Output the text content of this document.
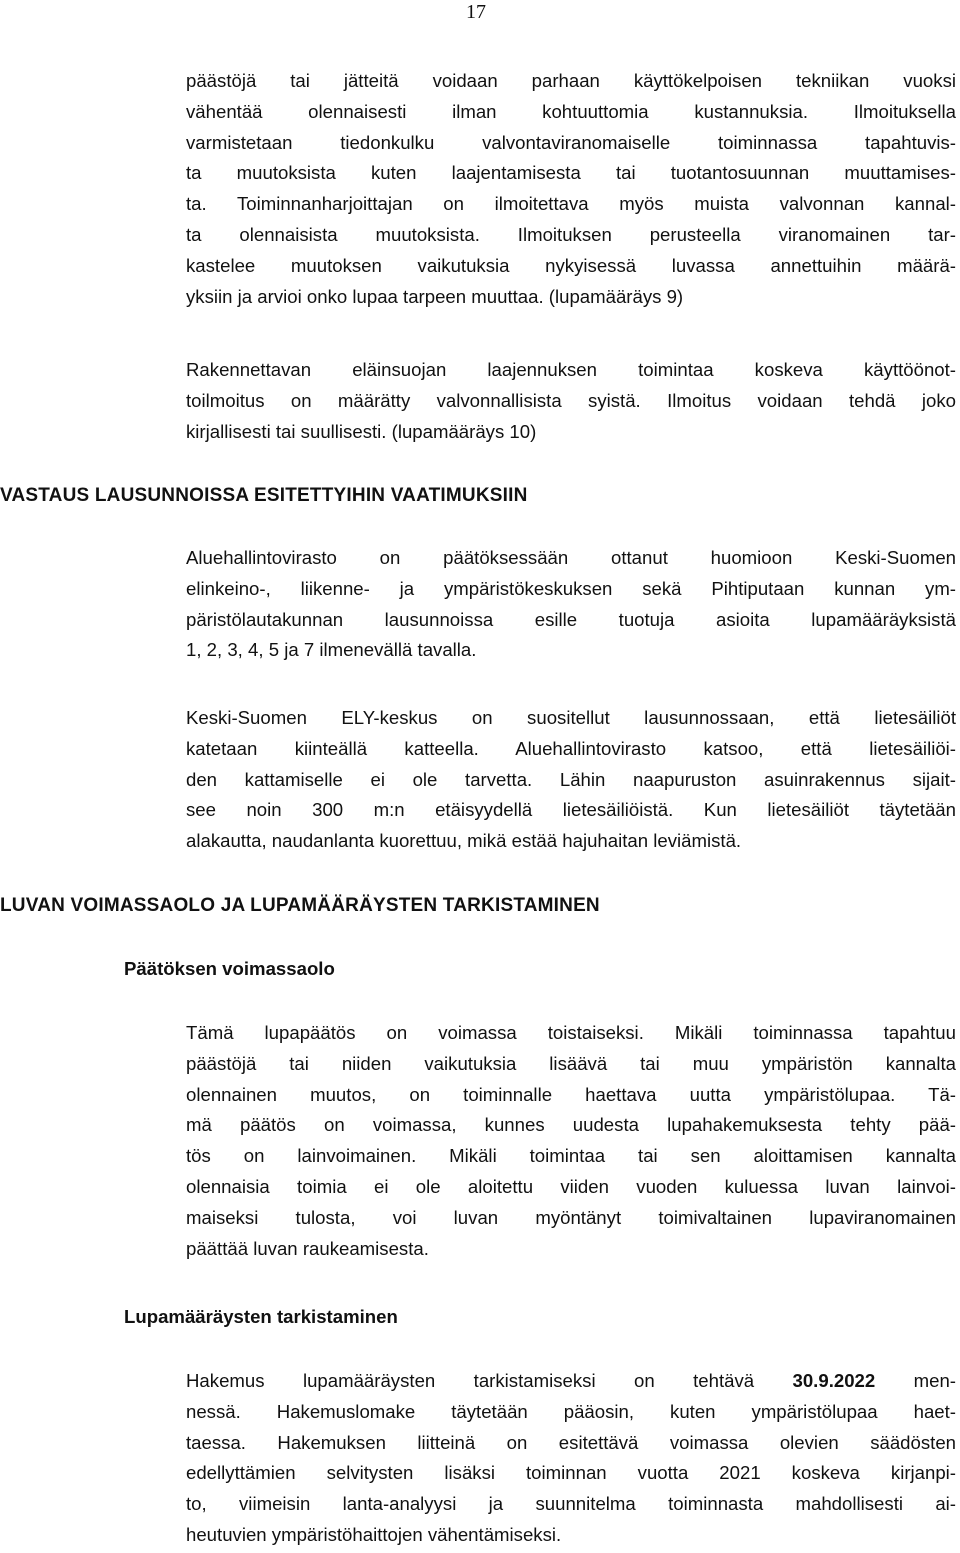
17
päästöjä tai jätteitä voidaan parhaan käyttökelpoisen tekniikan vuoksi
vähentää olennaisesti ilman kohtuuttomia kustannuksia. Ilmoituksella
varmistetaan tiedonkulku valvontaviranomaiselle toiminnassa tapahtuvis-
ta muutoksista kuten laajentamisesta tai tuotantosuunnan muuttamises-
ta. Toiminnanharjoittajan on ilmoitettava myös muista valvonnan kannal-
ta olennaisista muutoksista. Ilmoituksen perusteella viranomainen tar-
kastelee muutoksen vaikutuksia nykyisessä luvassa annettuihin määrä-
yksiin ja arvioi onko lupaa tarpeen muuttaa. (lupamääräys 9)
Rakennettavan eläinsuojan laajennuksen toimintaa koskeva käyttöönot-
toilmoitus on määrätty valvonnallisista syistä. Ilmoitus voidaan tehdä joko
kirjallisesti tai suullisesti. (lupamääräys 10)
VASTAUS LAUSUNNOISSA ESITETTYIHIN VAATIMUKSIIN
Aluehallintovirasto on päätöksessään ottanut huomioon Keski-Suomen
elinkeino-, liikenne- ja ympäristökeskuksen sekä Pihtiputaan kunnan ym-
päristölautakunnan lausunnoissa esille tuotuja asioita lupamääräyksistä
1, 2, 3, 4, 5 ja 7 ilmenevällä tavalla.
Keski-Suomen ELY-keskus on suositellut lausunnossaan, että lietesäiliöt
katetaan kiinteällä katteella. Aluehallintovirasto katsoo, että lietesäiliöi-
den kattamiselle ei ole tarvetta. Lähin naapuruston asuinrakennus sijait-
see noin 300 m:n etäisyydellä lietesäiliöistä. Kun lietesäiliöt täytetään
alakautta, naudanlanta kuorettuu, mikä estää hajuhaitan leviämistä.
LUVAN VOIMASSAOLO JA LUPAMÄÄRÄYSTEN TARKISTAMINEN
Päätöksen voimassaolo
Tämä lupapäätös on voimassa toistaiseksi. Mikäli toiminnassa tapahtuu
päästöjä tai niiden vaikutuksia lisäävä tai muu ympäristön kannalta
olennainen muutos, on toiminnalle haettava uutta ympäristölupaa. Tä-
mä päätös on voimassa, kunnes uudesta lupahakemuksesta tehty pää-
tös on lainvoimainen. Mikäli toimintaa tai sen aloittamisen kannalta
olennaisia toimia ei ole aloitettu viiden vuoden kuluessa luvan lainvoi-
maiseksi tulosta, voi luvan myöntänyt toimivaltainen lupaviranomainen
päättää luvan raukeamisesta.
Lupamääräysten tarkistaminen
Hakemus lupamääräysten tarkistamiseksi on tehtävä 30.9.2022 men-
nessä. Hakemuslomake täytetään pääosin, kuten ympäristölupaa haet-
taessa. Hakemuksen liitteinä on esitettävä voimassa olevien säädösten
edellyttämien selvitysten lisäksi toiminnan vuotta 2021 koskeva kirjanpi-
to, viimeisin lanta-analyysi ja suunnitelma toiminnasta mahdollisesti ai-
heutuvien ympäristöhaittojen vähentämiseksi.
